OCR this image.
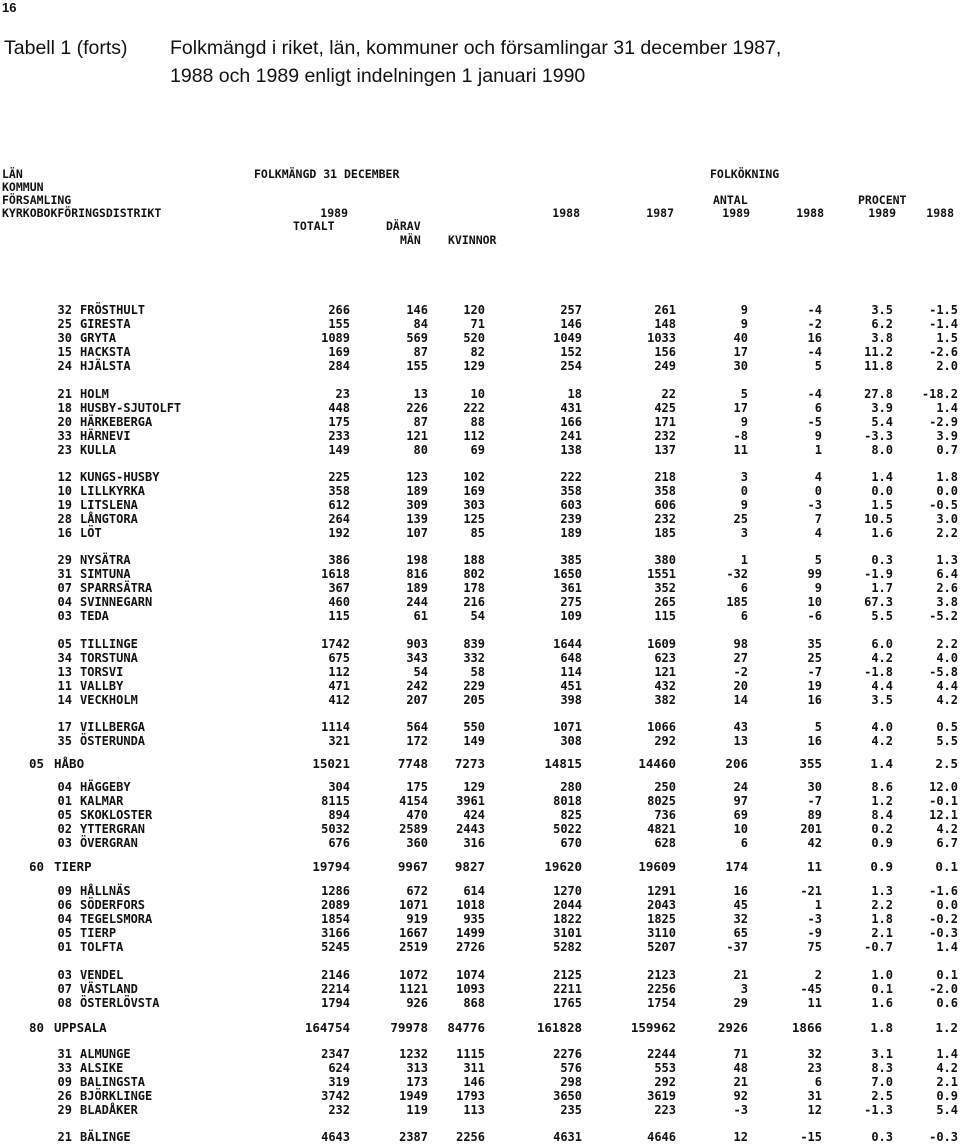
16
Tabell 1 (forts) Folkmängd i riket, län, kommuner och församlingar 31 december 1987,
1988 och 1989 enligt indelningen 1 januari 1990
LÄN
KOMMUN
FÖRSAMLING
KYRKOBOKFÖRINGSDISTRIKT
FOLKMÄNGD 31 DECEMBER
1989
TOTALT	DÄRAV
MÄN KVINNOR
1988	1987
FOLKÖKNING
ANTAL
1989	1988
PROCENT
1989	1988
32 FRÖSTHULT	266	146	120	257	261	9	-4	3.5	-1.5
25 GIRESTA	155	84	71	146	148	9	-2	6.2	-1.4
30 GRYTA	1089	569	520	1049	1033	40	16	3.8	1.5
15 HACKSTA	169	87	82	152	156	17	-4	11.2	-2.6
24 HJÄLSTA	284	155	129	254	249	30	5	11.8	2.0
21 HOLM	23	13	10	18	22	5	-4	27.8	-18.2
18 HUSBY-SJUTOLFT	448	226	222	431	425	17	6	3.9	1.4
20 HÄRKEBERGA	175	87	88	166	171	9	-5	5.4	-2.9
33 HÄRNEVI	233	121	112	241	232	-8	9	-3.3	3.9
23 KULLA	149	80	69	138	137	11	1	8.0	0.7
12 KUNGS-HUSBY	225	123	102	222	218	3	4	1.4	1.8
10 LILLKYRKA	358	189	169	358	358	0	0	0.0	0.0
19 LITSLENA	612	309	303	603	606	9	-3	1.5	-0.5
28 LÅNGTORA	264	139	125	239	232	25	7	10.5	3.0
16 LÖT	192	107	85	189	185	3	4	1.6	2.2
29 NYSÄTRA	386	198	188	385	380	1	5	0.3	1.3
31 SIMTUNA	1618	816	802	1650	1551	-32	99	-1.9	6.4
07 SPARRSÄTRA	367	189	178	361	352	6	9	1.7	2.6
04 SVINNEGARN	460	244	216	275	265	185	10	67.3	3.8
03 TEDA	115	61	54	109	115	6	-6	5.5	-5.2
05 TILLINGE	1742	903	839	1644	1609	98	35	6.0	2.2
34 TORSTUNA	675	343	332	648	623	27	25	4.2	4.0
13 TORSVI	112	54	58	114	121	-2	-7	-1.8	-5.8
11 VALLBY	471	242	229	451	432	20	19	4.4	4.4
14 VECKHOLM	412	207	205	398	382	14	16	3.5	4.2
17 VILLBERGA	1114	564	550	1071	1066	43	5	4.0	0.5
35 ÖSTERUNDA	321	172	149	308	292	13	16	4.2	5.5
05 HÅBO	15021	7748	7273	14815	14460	206	355	1.4	2.5
04 HÄGGEBY	304	175	129	280	250	24	30	8.6	12.0
01 KALMAR	8115	4154	3961	8018	8025	97	-7	1.2	-0.1
05 SKOKLOSTER	894	470	424	825	736	69	89	8.4	12.1
02 YTTERGRAN	5032	2589	2443	5022	4821	10	201	0.2	4.2
03 ÖVERGRAN	676	360	316	670	628	6	42	0.9	6.7
60 TIERP	19794	9967	9827	19620	19609	174	11	0.9	0.1
09 HÅLLNÄS	1286	672	614	1270	1291	16	-21	1.3	-1.6
06 SÖDERFORS	2089	1071	1018	2044	2043	45	1	2.2	0.0
04 TEGELSMORA	1854	919	935	1822	1825	32	-3	1.8	-0.2
05 TIERP	3166	1667	1499	3101	3110	65	-9	2.1	-0.3
01 TOLFTA	5245	2519	2726	5282	5207	-37	75	-0.7	1.4
03 VENDEL	2146	1072	1074	2125	2123	21	2	1.0	0.1
07 VÄSTLAND	2214	1121	1093	2211	2256	3	-45	0.1	-2.0
08 ÖSTERLÖVSTA	1794	926	868	1765	1754	29	11	1.6	0.6
80 UPPSALA	164754	79978	84776	161828	159962	2926	1866	1.8	1.2
31 ALMUNGE	2347	1232	1115	2276	2244	71	32	3.1	1.4
33 ALSIKE	624	313	311	576	553	48	23	8.3	4.2
09 BALINGSTA	319	173	146	298	292	21	6	7.0	2.1
26 BJÖRKLINGE	3742	1949	1793	3650	3619	92	31	2.5	0.9
29 BLADÅKER	232	119	113	235	223	-3	12	-1.3	5.4
21 BÄLINGE	4643	2387	2256	4631	4646	12	-15	0.3	-0.3
